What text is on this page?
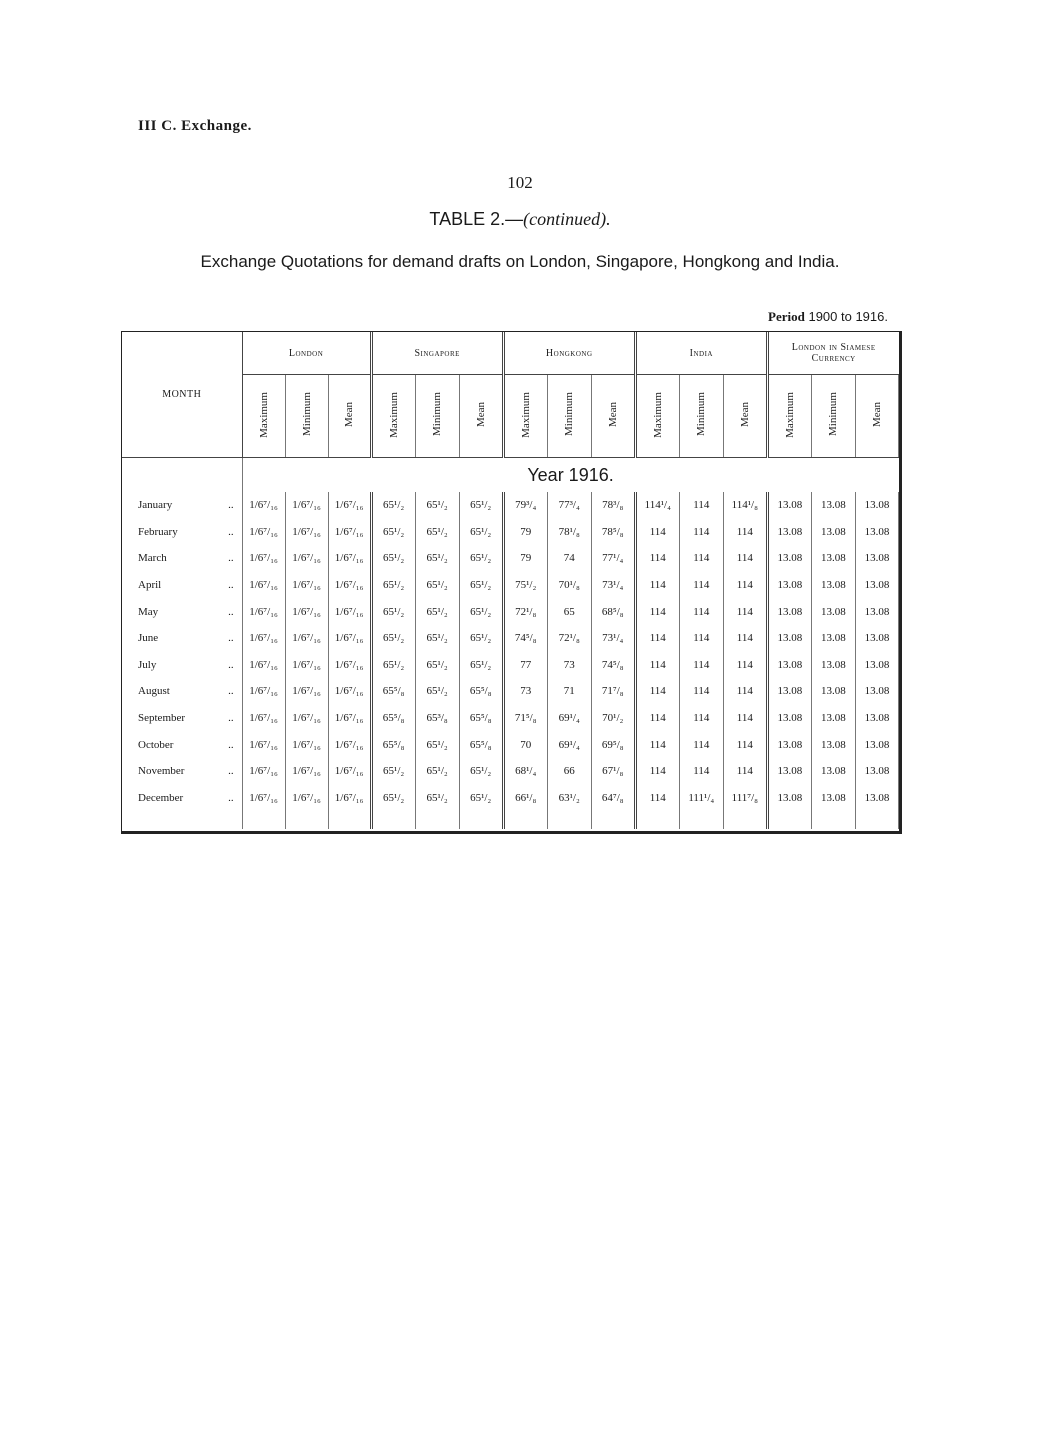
III C. Exchange.
102
TABLE 2.—(continued).
Exchange Quotations for demand drafts on London, Singapore, Hongkong and India.
Period 1900 to 1916.
MONTH	London			Singapore			Hongkong			India			London in Siamese Currency		
	Maximum	Minimum	Mean	Maximum	Minimum	Mean	Maximum	Minimum	Mean	Maximum	Minimum	Mean	Maximum	Minimum	Mean
	Year 1916.														
January ..	1/6⁷/₁₆	1/6⁷/₁₆	1/6⁷/₁₆	65¹/₂	65¹/₂	65¹/₂	79³/₄	77³/₄	78³/₈	114¹/₄	114	114¹/₈	13.08	13.08	13.08
February ..	1/6⁷/₁₆	1/6⁷/₁₆	1/6⁷/₁₆	65¹/₂	65¹/₂	65¹/₂	79	78¹/₈	78⁵/₈	114	114	114	13.08	13.08	13.08
March ..	1/6⁷/₁₆	1/6⁷/₁₆	1/6⁷/₁₆	65¹/₂	65¹/₂	65¹/₂	79	74	77¹/₄	114	114	114	13.08	13.08	13.08
April ..	1/6⁷/₁₆	1/6⁷/₁₆	1/6⁷/₁₆	65¹/₂	65¹/₂	65¹/₂	75¹/₂	70¹/₈	73¹/₄	114	114	114	13.08	13.08	13.08
May ..	1/6⁷/₁₆	1/6⁷/₁₆	1/6⁷/₁₆	65¹/₂	65¹/₂	65¹/₂	72¹/₈	65	68⁵/₈	114	114	114	13.08	13.08	13.08
June ..	1/6⁷/₁₆	1/6⁷/₁₆	1/6⁷/₁₆	65¹/₂	65¹/₂	65¹/₂	74⁵/₈	72¹/₈	73¹/₄	114	114	114	13.08	13.08	13.08
July ..	1/6⁷/₁₆	1/6⁷/₁₆	1/6⁷/₁₆	65¹/₂	65¹/₂	65¹/₂	77	73	74⁵/₈	114	114	114	13.08	13.08	13.08
August ..	1/6⁷/₁₆	1/6⁷/₁₆	1/6⁷/₁₆	65⁵/₈	65¹/₂	65⁵/₈	73	71	71⁷/₈	114	114	114	13.08	13.08	13.08
September ..	1/6⁷/₁₆	1/6⁷/₁₆	1/6⁷/₁₆	65⁵/₈	65³/₈	65⁵/₈	71⁵/₈	69¹/₄	70¹/₂	114	114	114	13.08	13.08	13.08
October ..	1/6⁷/₁₆	1/6⁷/₁₆	1/6⁷/₁₆	65⁵/₈	65¹/₂	65⁵/₈	70	69¹/₄	69⁵/₈	114	114	114	13.08	13.08	13.08
November ..	1/6⁷/₁₆	1/6⁷/₁₆	1/6⁷/₁₆	65¹/₂	65¹/₂	65¹/₂	68¹/₄	66	67¹/₈	114	114	114	13.08	13.08	13.08
December ..	1/6⁷/₁₆	1/6⁷/₁₆	1/6⁷/₁₆	65¹/₂	65¹/₂	65¹/₂	66¹/₈	63¹/₂	64⁷/₈	114	111¹/₄	111⁷/₈	13.08	13.08	13.08
